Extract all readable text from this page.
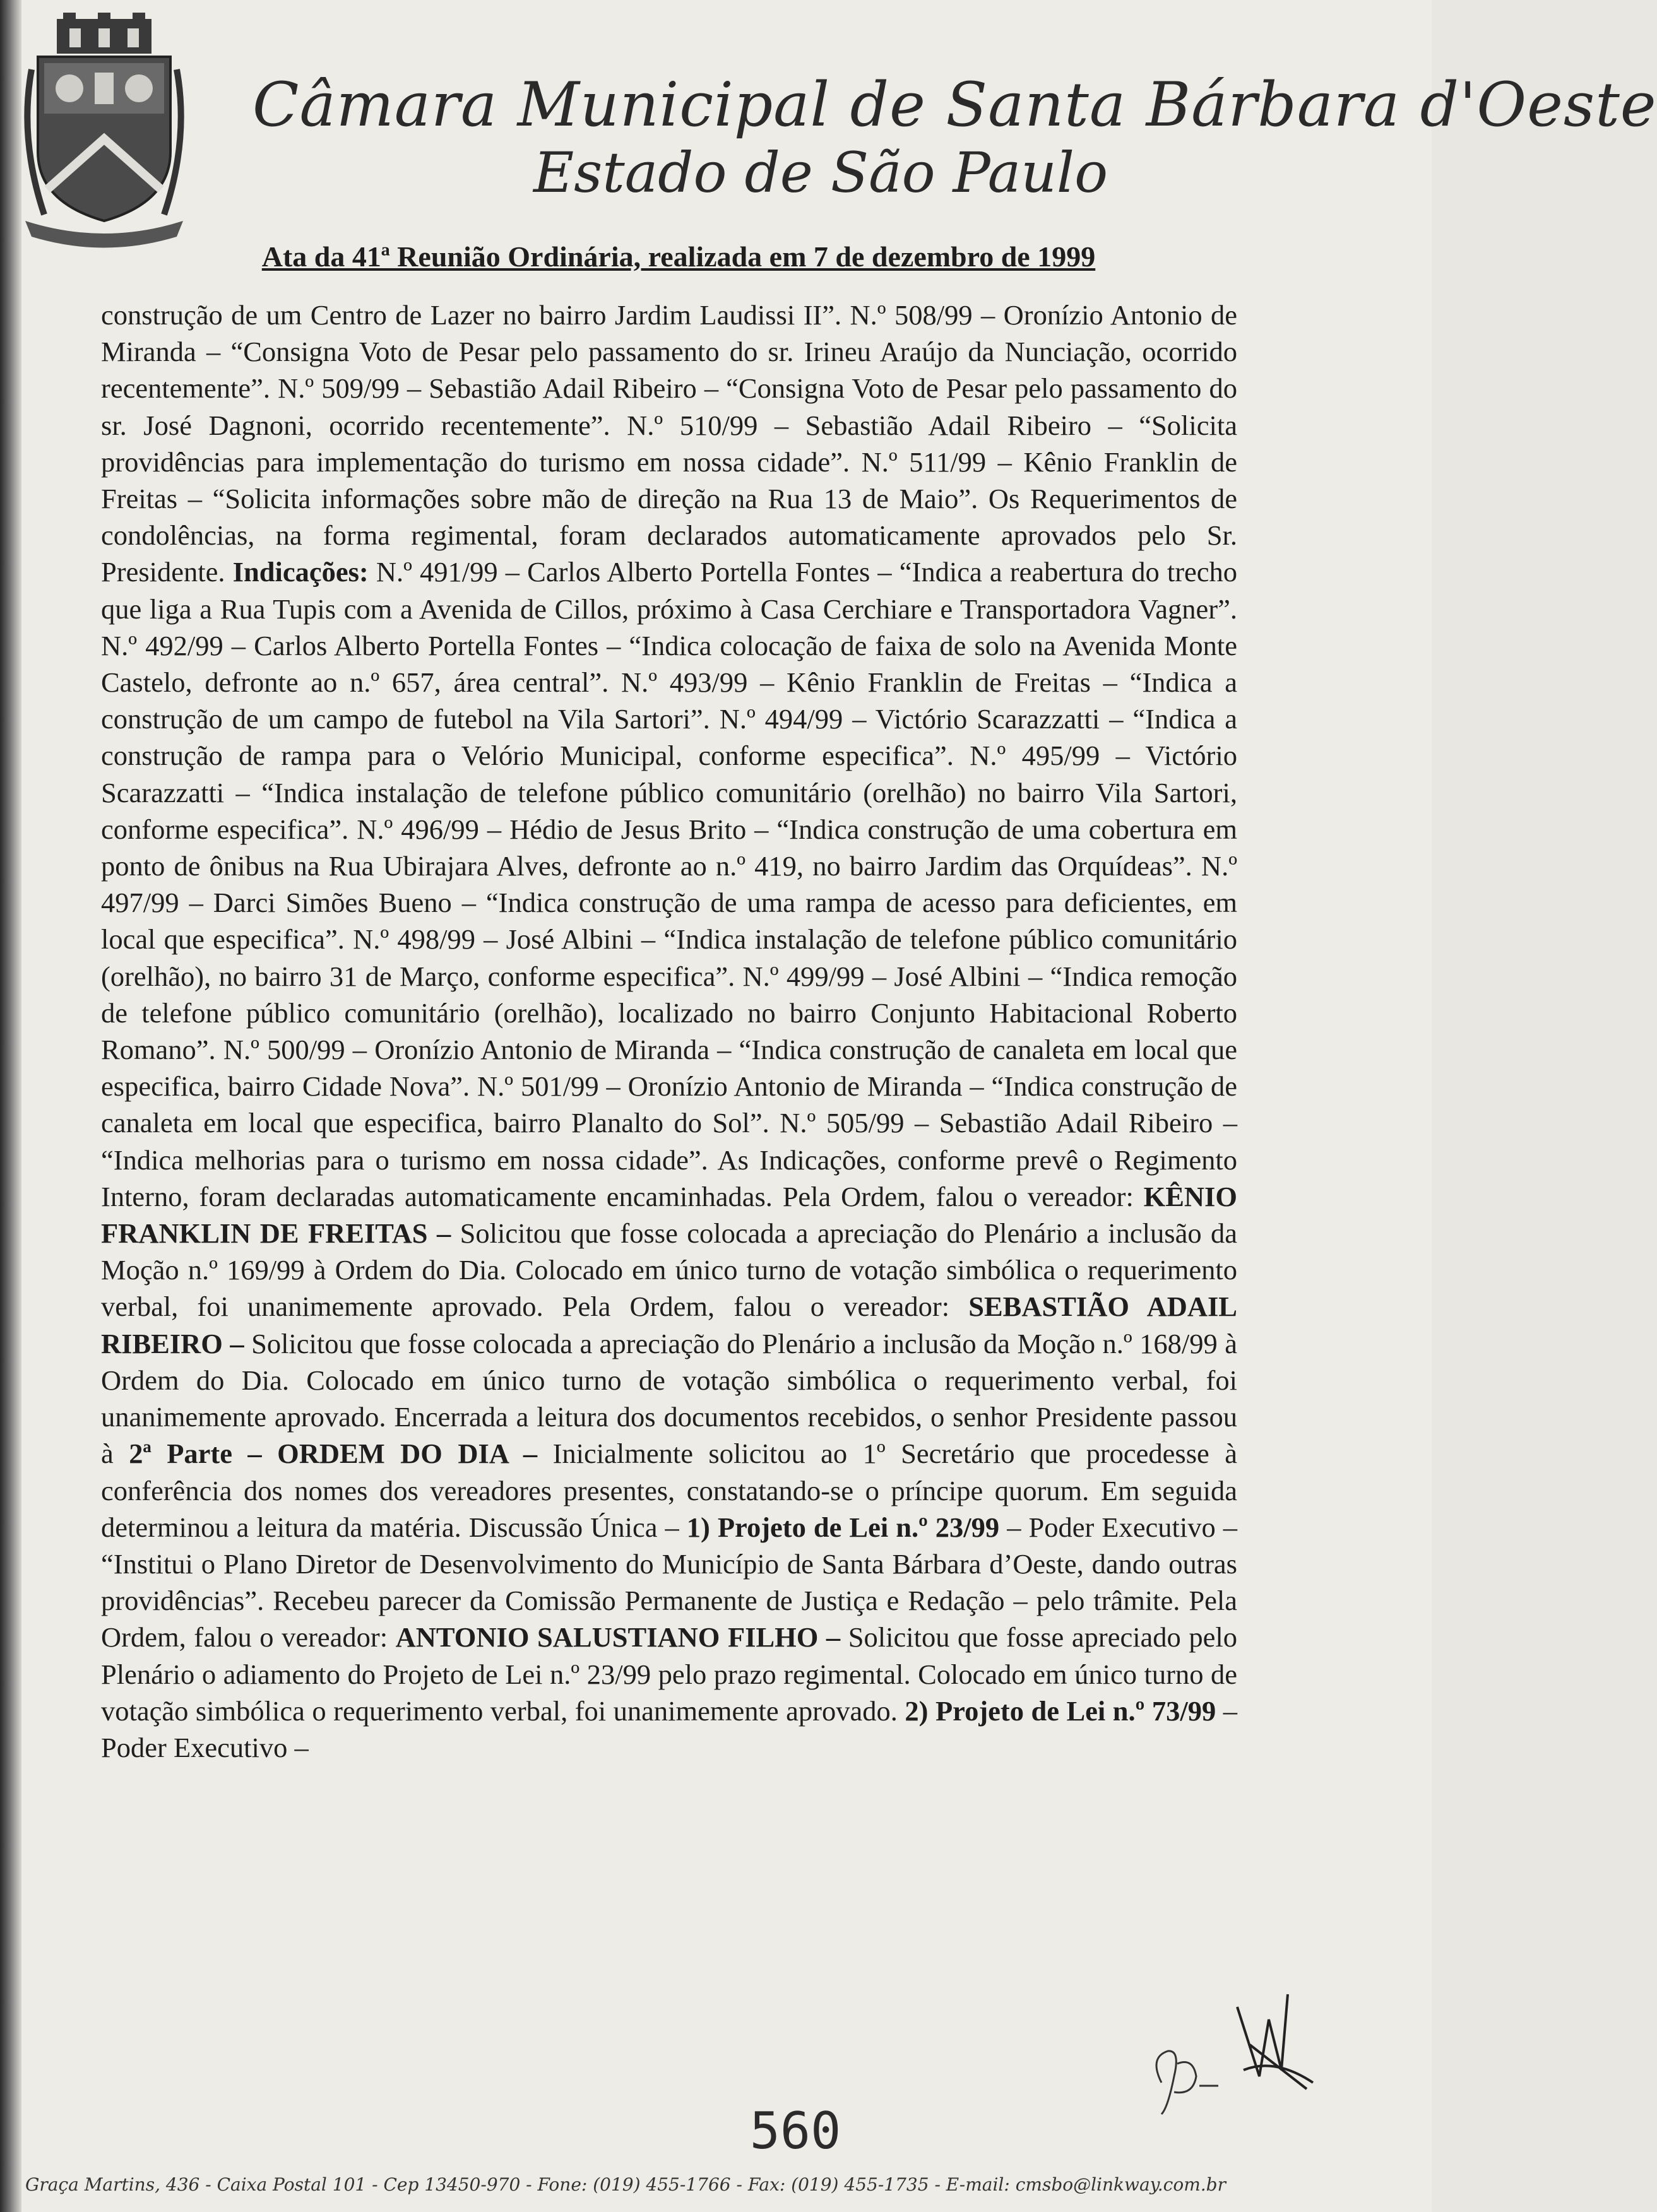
Câmara Municipal de Santa Bárbara d'Oeste
Estado de São Paulo
Ata da 41ª Reunião Ordinária, realizada em 7 de dezembro de 1999
construção de um Centro de Lazer no bairro Jardim Laudissi II”. N.º 508/99 – Oronízio Antonio de Miranda – “Consigna Voto de Pesar pelo passamento do sr. Irineu Araújo da Nunciação, ocorrido recentemente”. N.º 509/99 – Sebastião Adail Ribeiro – “Consigna Voto de Pesar pelo passamento do sr. José Dagnoni, ocorrido recentemente”. N.º 510/99 – Sebastião Adail Ribeiro – “Solicita providências para implementação do turismo em nossa cidade”. N.º 511/99 – Kênio Franklin de Freitas – “Solicita informações sobre mão de direção na Rua 13 de Maio”. Os Requerimentos de condolências, na forma regimental, foram declarados automaticamente aprovados pelo Sr. Presidente. Indicações: N.º 491/99 – Carlos Alberto Portella Fontes – “Indica a reabertura do trecho que liga a Rua Tupis com a Avenida de Cillos, próximo à Casa Cerchiare e Transportadora Vagner”. N.º 492/99 – Carlos Alberto Portella Fontes – “Indica colocação de faixa de solo na Avenida Monte Castelo, defronte ao n.º 657, área central”. N.º 493/99 – Kênio Franklin de Freitas – “Indica a construção de um campo de futebol na Vila Sartori”. N.º 494/99 – Victório Scarazzatti – “Indica a construção de rampa para o Velório Municipal, conforme especifica”. N.º 495/99 – Victório Scarazzatti – “Indica instalação de telefone público comunitário (orelhão) no bairro Vila Sartori, conforme especifica”. N.º 496/99 – Hédio de Jesus Brito – “Indica construção de uma cobertura em ponto de ônibus na Rua Ubirajara Alves, defronte ao n.º 419, no bairro Jardim das Orquídeas”. N.º 497/99 – Darci Simões Bueno – “Indica construção de uma rampa de acesso para deficientes, em local que especifica”. N.º 498/99 – José Albini – “Indica instalação de telefone público comunitário (orelhão), no bairro 31 de Março, conforme especifica”. N.º 499/99 – José Albini – “Indica remoção de telefone público comunitário (orelhão), localizado no bairro Conjunto Habitacional Roberto Romano”. N.º 500/99 – Oronízio Antonio de Miranda – “Indica construção de canaleta em local que especifica, bairro Cidade Nova”. N.º 501/99 – Oronízio Antonio de Miranda – “Indica construção de canaleta em local que especifica, bairro Planalto do Sol”. N.º 505/99 – Sebastião Adail Ribeiro – “Indica melhorias para o turismo em nossa cidade”. As Indicações, conforme prevê o Regimento Interno, foram declaradas automaticamente encaminhadas. Pela Ordem, falou o vereador: KÊNIO FRANKLIN DE FREITAS – Solicitou que fosse colocada a apreciação do Plenário a inclusão da Moção n.º 169/99 à Ordem do Dia. Colocado em único turno de votação simbólica o requerimento verbal, foi unanimemente aprovado. Pela Ordem, falou o vereador: SEBASTIÃO ADAIL RIBEIRO – Solicitou que fosse colocada a apreciação do Plenário a inclusão da Moção n.º 168/99 à Ordem do Dia. Colocado em único turno de votação simbólica o requerimento verbal, foi unanimemente aprovado. Encerrada a leitura dos documentos recebidos, o senhor Presidente passou à 2ª Parte – ORDEM DO DIA – Inicialmente solicitou ao 1º Secretário que procedesse à conferência dos nomes dos vereadores presentes, constatando-se o príncipe quorum. Em seguida determinou a leitura da matéria. Discussão Única – 1) Projeto de Lei n.º 23/99 – Poder Executivo – “Institui o Plano Diretor de Desenvolvimento do Município de Santa Bárbara d’Oeste, dando outras providências”. Recebeu parecer da Comissão Permanente de Justiça e Redação – pelo trâmite. Pela Ordem, falou o vereador: ANTONIO SALUSTIANO FILHO – Solicitou que fosse apreciado pelo Plenário o adiamento do Projeto de Lei n.º 23/99 pelo prazo regimental. Colocado em único turno de votação simbólica o requerimento verbal, foi unanimemente aprovado. 2) Projeto de Lei n.º 73/99 – Poder Executivo –
560
Graça Martins, 436 - Caixa Postal 101 - Cep 13450-970 - Fone: (019) 455-1766 - Fax: (019) 455-1735 - E-mail: cmsbo@linkway.com.br
